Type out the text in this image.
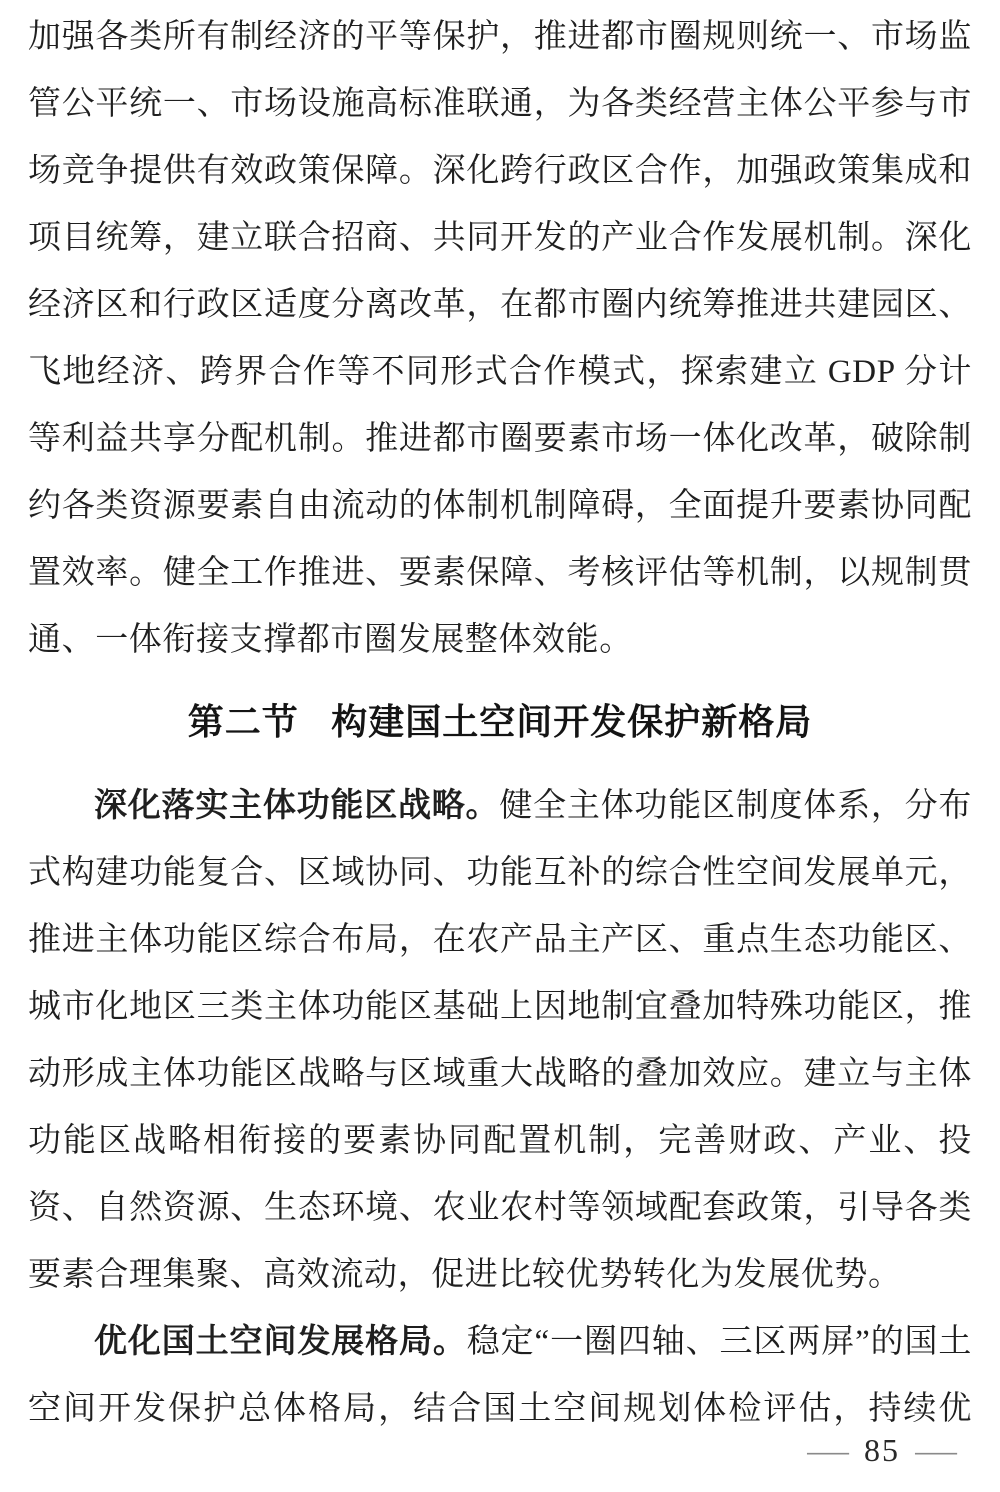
加强各类所有制经济的平等保护，推进都市圈规则统一、市场监管公平统一、市场设施高标准联通，为各类经营主体公平参与市场竞争提供有效政策保障。深化跨行政区合作，加强政策集成和项目统筹，建立联合招商、共同开发的产业合作发展机制。深化经济区和行政区适度分离改革，在都市圈内统筹推进共建园区、飞地经济、跨界合作等不同形式合作模式，探索建立 GDP 分计等利益共享分配机制。推进都市圈要素市场一体化改革，破除制约各类资源要素自由流动的体制机制障碍，全面提升要素协同配置效率。健全工作推进、要素保障、考核评估等机制，以规制贯通、一体衔接支撑都市圈发展整体效能。

第二节 构建国土空间开发保护新格局

深化落实主体功能区战略。健全主体功能区制度体系，分布式构建功能复合、区域协同、功能互补的综合性空间发展单元，推进主体功能区综合布局，在农产品主产区、重点生态功能区、城市化地区三类主体功能区基础上因地制宜叠加特殊功能区，推动形成主体功能区战略与区域重大战略的叠加效应。建立与主体功能区战略相衔接的要素协同配置机制，完善财政、产业、投资、自然资源、生态环境、农业农村等领域配套政策，引导各类要素合理集聚、高效流动，促进比较优势转化为发展优势。

优化国土空间发展格局。稳定“一圈四轴、三区两屏”的国土空间开发保护总体格局，结合国土空间规划体检评估，持续优

— 85 —
